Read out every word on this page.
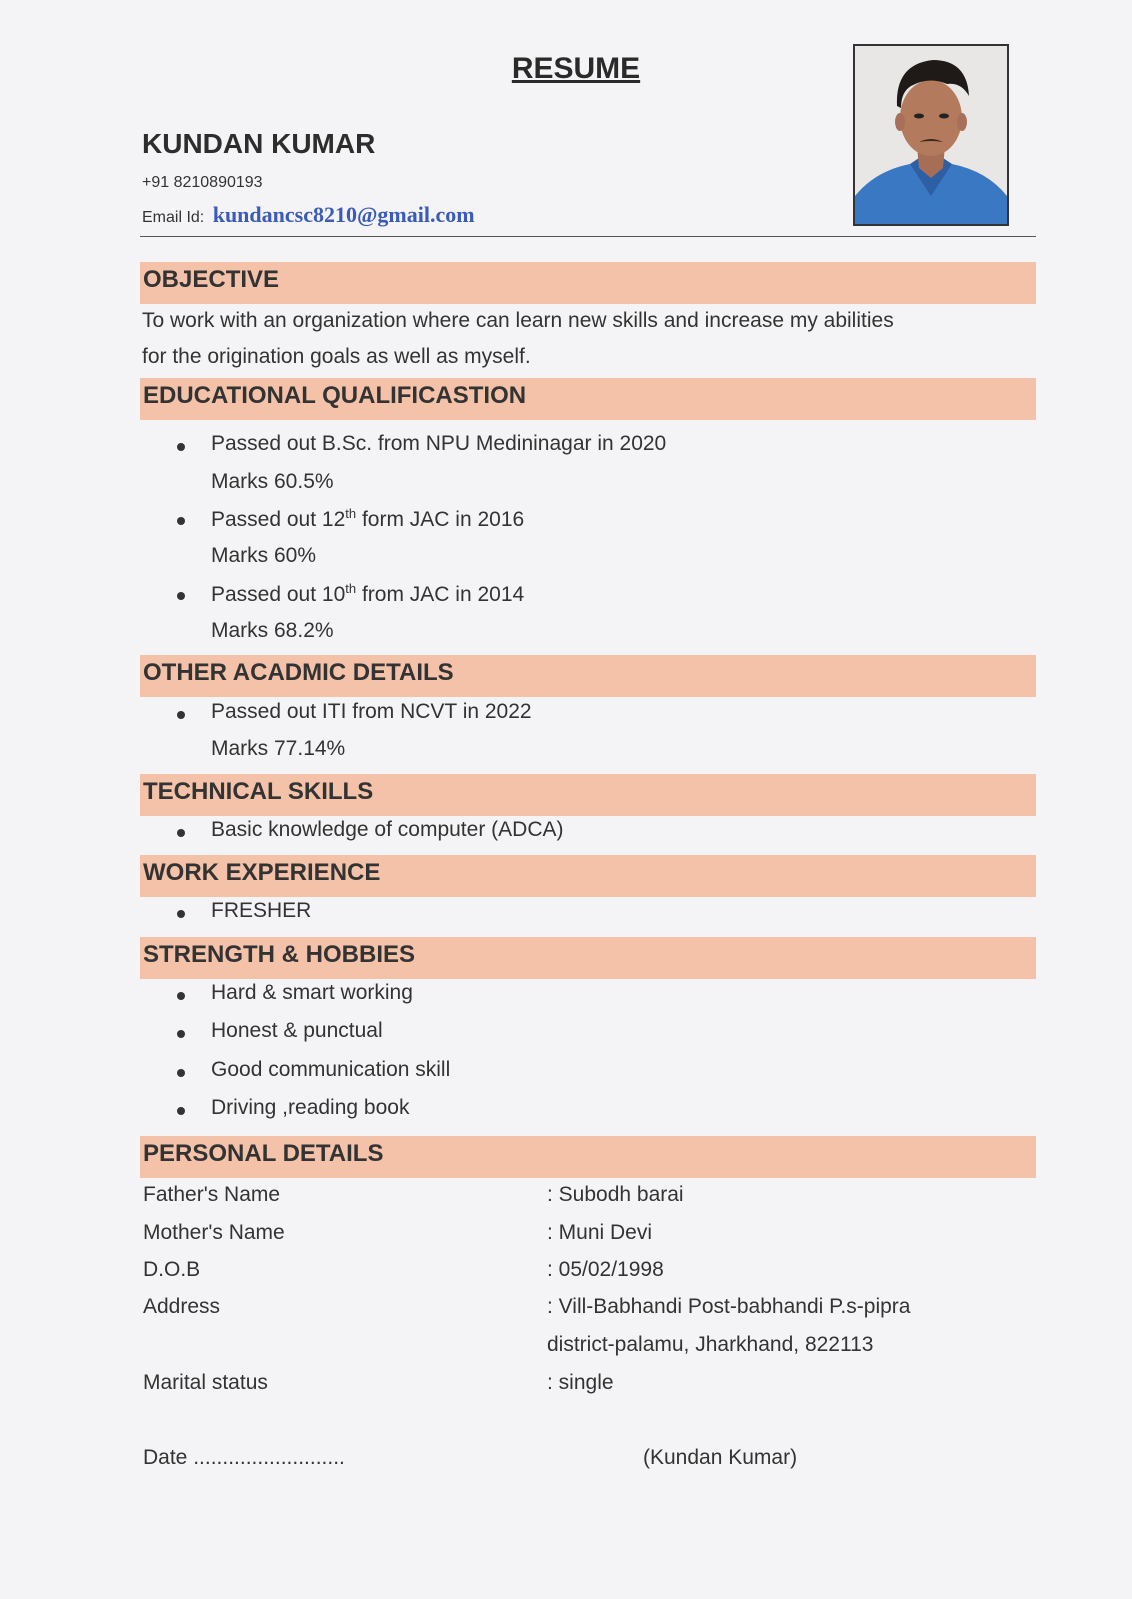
RESUME
KUNDAN KUMAR
+91 8210890193
Email Id: kundancsc8210@gmail.com
OBJECTIVE
To work with an organization where can learn new skills and increase my abilities
for the origination goals as well as myself.
EDUCATIONAL QUALIFICASTION
Passed out B.Sc. from NPU Medininagar in 2020
Marks 60.5%
Passed out 12th form JAC in 2016
Marks 60%
Passed out 10th from JAC in 2014
Marks 68.2%
OTHER ACADMIC DETAILS
Passed out ITI from NCVT in 2022
Marks 77.14%
TECHNICAL SKILLS
Basic knowledge of computer (ADCA)
WORK EXPERIENCE
FRESHER
STRENGTH & HOBBIES
Hard & smart working
Honest & punctual
Good communication skill
Driving ,reading book
PERSONAL DETAILS
Father's Name	: Subodh barai
Mother's Name	: Muni Devi
D.O.B	: 05/02/1998
Address	: Vill-Babhandi Post-babhandi P.s-pipra
district-palamu, Jharkhand, 822113
Marital status	: single
Date ..........................	(Kundan Kumar)
